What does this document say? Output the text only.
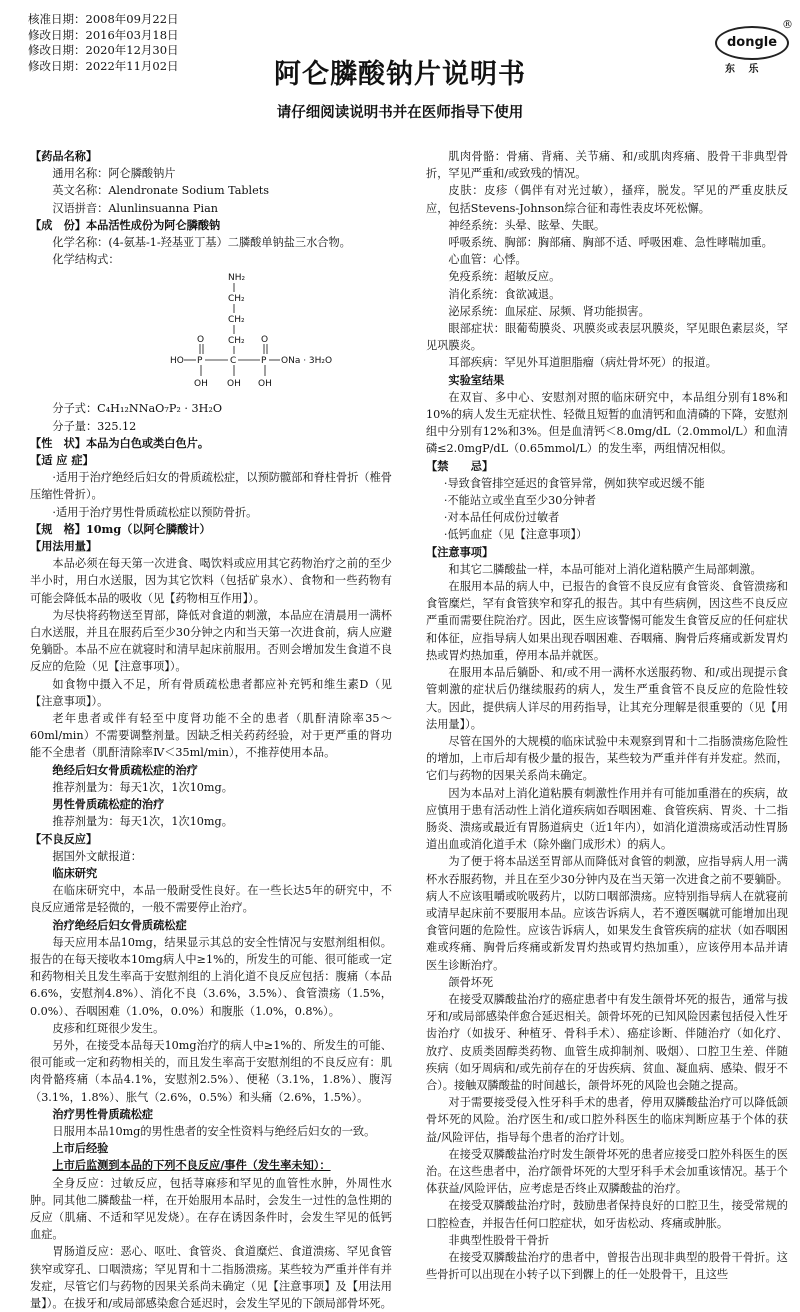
核准日期：2008年09月22日
修改日期：2016年03月18日
修改日期：2020年12月30日
修改日期：2022年11月02日
dongle
®
东 乐
阿仑膦酸钠片说明书
请仔细阅读说明书并在医师指导下使用

【药品名称】

通用名称：阿仑膦酸钠片

英文名称：Alendronate Sodium Tablets

汉语拼音：Alunlinsuanna Pian

【成　份】本品活性成份为阿仑膦酸钠

化学名称：(4-氨基-1-羟基亚丁基）二膦酸单钠盐三水合物。

化学结构式：

NH₂
CH₂
CH₂
CH₂
HO P
O
C	P
O
ONa · 3H₂O
OH OH OH

分子式：C₄H₁₂NNaO₇P₂ · 3H₂O

分子量：325.12

【性　状】本品为白色或类白色片。

【适 应 症】

·适用于治疗绝经后妇女的骨质疏松症，以预防髋部和脊柱骨折（椎骨压缩性骨折）。

·适用于治疗男性骨质疏松症以预防骨折。

【规　格】10mg（以阿仑膦酸计）

【用法用量】

本品必须在每天第一次进食、喝饮料或应用其它药物治疗之前的至少半小时，用白水送服，因为其它饮料（包括矿泉水）、食物和一些药物有可能会降低本品的吸收（见【药物相互作用】）。

为尽快将药物送至胃部，降低对食道的刺激，本品应在清晨用一满杯白水送服，并且在服药后至少30分钟之内和当天第一次进食前，病人应避免躺卧。本品不应在就寝时和清早起床前服用。否则会增加发生食道不良反应的危险（见【注意事项】）。

如食物中摄入不足，所有骨质疏松患者都应补充钙和维生素D（见【注意事项】）。

老年患者或伴有轻至中度肾功能不全的患者（肌酐清除率35～60ml/min）不需要调整剂量。因缺乏相关药药经验，对于更严重的肾功能不全患者（肌酐清除率Ⅳ＜35ml/min），不推荐使用本品。

绝经后妇女骨质疏松症的治疗

推荐剂量为：每天1次，1次10mg。

男性骨质疏松症的治疗

推荐剂量为：每天1次，1次10mg。

【不良反应】

据国外文献报道：

临床研究

在临床研究中，本品一般耐受性良好。在一些长达5年的研究中，不良反应通常是轻微的，一般不需要停止治疗。

治疗绝经后妇女骨质疏松症

每天应用本品10mg，结果显示其总的安全性情况与安慰剂组相似。报告的在每天接收本10mg病人中≥1%的，所发生的可能、很可能或一定和药物相关且发生率高于安慰剂组的上消化道不良反应包括：腹痛（本品6.6%，安慰剂4.8%）、消化不良（3.6%，3.5%）、食管溃疡（1.5%，0.0%）、吞咽困难（1.0%，0.0%）和腹胀（1.0%，0.8%）。

皮疹和红斑很少发生。

另外，在接受本品每天10mg治疗的病人中≥1%的、所发生的可能、很可能或一定和药物相关的，而且发生率高于安慰剂组的不良反应有：肌肉骨骼疼痛（本品4.1%，安慰剂2.5%）、便秘（3.1%，1.8%）、腹泻（3.1%，1.8%）、胀气（2.6%，0.5%）和头痛（2.6%，1.5%）。

治疗男性骨质疏松症

日服用本品10mg的男性患者的安全性资料与绝经后妇女的一致。

上市后经验

上市后监测到本品的下列不良反应/事件（发生率未知）：

全身反应：过敏反应，包括荨麻疹和罕见的血管性水肿，外周性水肿。同其他二膦酸盐一样，在开始服用本品时，会发生一过性的急性期的反应（肌痛、不适和罕见发烧）。在存在诱因条件时，会发生罕见的低钙血症。

胃肠道反应：恶心、呕吐、食管炎、食道糜烂、食道溃疡、罕见食管狭窄或穿孔、口咽溃疡；罕见胃和十二指肠溃疡。某些较为严重并伴有并发症，尽管它们与药物的因果关系尚未确定（见【注意事项】及【用法用量】）。在拔牙和/或局部感染愈合延迟时，会发生罕见的下颌局部骨坏死。

肌肉骨骼：骨痛、背痛、关节痛、和/或肌肉疼痛、股骨干非典型骨折，罕见严重和/或致残的情况。

皮肤：皮疹（偶伴有对光过敏），搔痒，脱发。罕见的严重皮肤反应，包括Stevens-Johnson综合征和毒性表皮坏死松懈。

神经系统：头晕、眩晕、失眠。

呼吸系统、胸部：胸部痛、胸部不适、呼吸困难、急性哮喘加重。

心血管：心悸。

免疫系统：超敏反应。

消化系统：食欲减退。

泌尿系统：血尿症、尿频、肾功能损害。

眼部症状：眼葡萄膜炎、巩膜炎或表层巩膜炎，罕见眼色素层炎，罕见巩膜炎。

耳部疾病：罕见外耳道胆脂瘤（病灶骨坏死）的报道。

实验室结果

在双盲、多中心、安慰剂对照的临床研究中，本品组分别有18%和10%的病人发生无症状性、轻微且短暂的血清钙和血清磷的下降，安慰剂组中分别有12%和3%。但是血清钙＜8.0mg/dL（2.0mmol/L）和血清磷≤2.0mgP/dL（0.65mmol/L）的发生率，两组情况相似。

【禁　　忌】

·导致食管排空延迟的食管异常，例如狭窄或迟缓不能

·不能站立或坐直至少30分钟者

·对本品任何成份过敏者

·低钙血症（见【注意事项】）

【注意事项】

和其它二膦酸盐一样，本品可能对上消化道粘膜产生局部刺激。

在服用本品的病人中，已报告的食管不良反应有食管炎、食管溃疡和食管糜烂，罕有食管狭窄和穿孔的报告。其中有些病例，因这些不良反应严重而需要住院治疗。因此，医生应该警惕可能发生食管反应的任何症状和体征，应指导病人如果出现吞咽困难、吞咽痛、胸骨后疼痛或新发胃灼热或胃灼热加重，停用本品并就医。

在服用本品后躺卧、和/或不用一满杯水送服药物、和/或出现提示食管刺激的症状后仍继续服药的病人，发生严重食管不良反应的危险性较大。因此，提供病人详尽的用药指导，让其充分理解是很重要的（见【用法用量】）。

尽管在国外的大规模的临床试验中未观察到胃和十二指肠溃疡危险性的增加，上市后却有极少量的报告，某些较为严重并伴有并发症。然而，它们与药物的因果关系尚未确定。

因为本品对上消化道粘膜有刺激性作用并有可能加重潜在的疾病，故应慎用于患有活动性上消化道疾病如吞咽困难、食管疾病、胃炎、十二指肠炎、溃疡或最近有胃肠道病史（近1年内），如消化道溃疡或活动性胃肠道出血或消化道手术（除外幽门成形术）的病人。

为了便于将本品送至胃部从而降低对食管的刺激，应指导病人用一满杯水吞服药物，并且在至少30分钟内及在当天第一次进食之前不要躺卧。病人不应该咀嚼或吮吸药片，以防口咽部溃疡。应特别指导病人在就寝前或清早起床前不要服用本品。应该告诉病人，若不遵医嘱就可能增加出现食管问题的危险性。应该告诉病人，如果发生食管疾病的症状（如吞咽困难或疼痛、胸骨后疼痛或新发胃灼热或胃灼热加重），应该停用本品并请医生诊断治疗。

颌骨坏死

在接受双膦酸盐治疗的癌症患者中有发生颌骨坏死的报告，通常与拔牙和/或局部感染伴愈合延迟相关。颌骨坏死的已知风险因素包括侵入性牙齿治疗（如拔牙、种植牙、骨科手术）、癌症诊断、伴随治疗（如化疗、放疗、皮质类固醇类药物、血管生成抑制剂、吸烟）、口腔卫生差、伴随疾病（如牙周病和/或先前存在的牙齿疾病、贫血、凝血病、感染、假牙不合）。接触双膦酸盐的时间越长，颌骨坏死的风险也会随之提高。

对于需要接受侵入性牙科手术的患者，停用双膦酸盐治疗可以降低颌骨坏死的风险。治疗医生和/或口腔外科医生的临床判断应基于个体的获益/风险评估，指导每个患者的治疗计划。

在接受双膦酸盐治疗时发生颌骨坏死的患者应接受口腔外科医生的医治。在这些患者中，治疗颌骨坏死的大型牙科手术会加重该情况。基于个体获益/风险评估，应考虑是否终止双膦酸盐的治疗。

在接受双膦酸盐治疗时，鼓励患者保持良好的口腔卫生，接受常规的口腔检查，并报告任何口腔症状，如牙齿松动、疼痛或肿胀。

非典型性股骨干骨折

在接受双膦酸盐治疗的患者中，曾报告出现非典型的股骨干骨折。这些骨折可以出现在小转子以下到髁上的任一处股骨干，且这些
